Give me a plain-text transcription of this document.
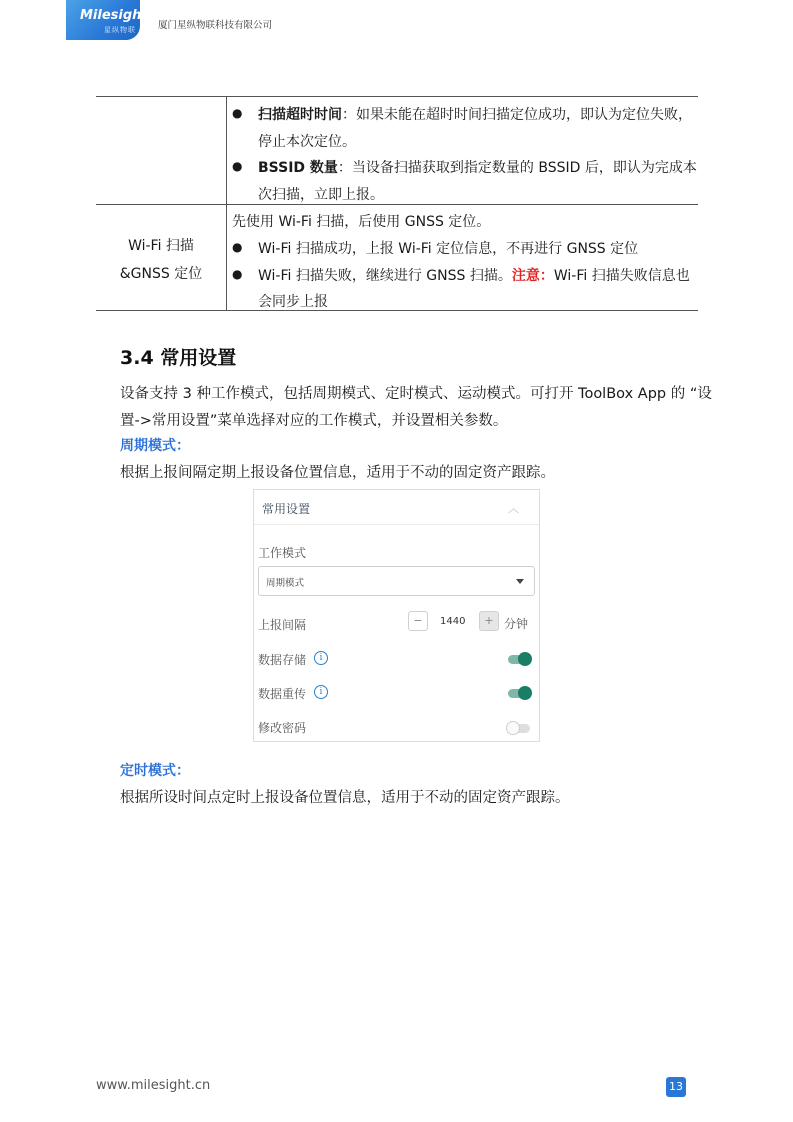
Milesight
星纵物联 厦门星纵物联科技有限公司
● 扫描超时时间：如果未能在超时时间扫描定位成功，即认为定位失败，
停止本次定位。
● BSSID 数量：当设备扫描获取到指定数量的 BSSID 后，即认为完成本
次扫描，立即上报。
Wi-Fi 扫描
&GNSS 定位
先使用 Wi-Fi 扫描，后使用 GNSS 定位。
● Wi-Fi 扫描成功，上报 Wi-Fi 定位信息，不再进行 GNSS 定位
● Wi-Fi 扫描失败，继续进行 GNSS 扫描。注意：Wi-Fi 扫描失败信息也
会同步上报
3.4 常用设置
设备支持 3 种工作模式，包括周期模式、定时模式、运动模式。可打开 ToolBox App 的 “设
置->常用设置”菜单选择对应的工作模式，并设置相关参数。
周期模式：
根据上报间隔定期上报设备位置信息，适用于不动的固定资产跟踪。
常用设置	︿
工作模式
周期模式
上报间隔	−	1440	+ 分钟
数据存储	i
数据重传	i
修改密码
定时模式：
根据所设时间点定时上报设备位置信息，适用于不动的固定资产跟踪。
www.milesight.cn	13
